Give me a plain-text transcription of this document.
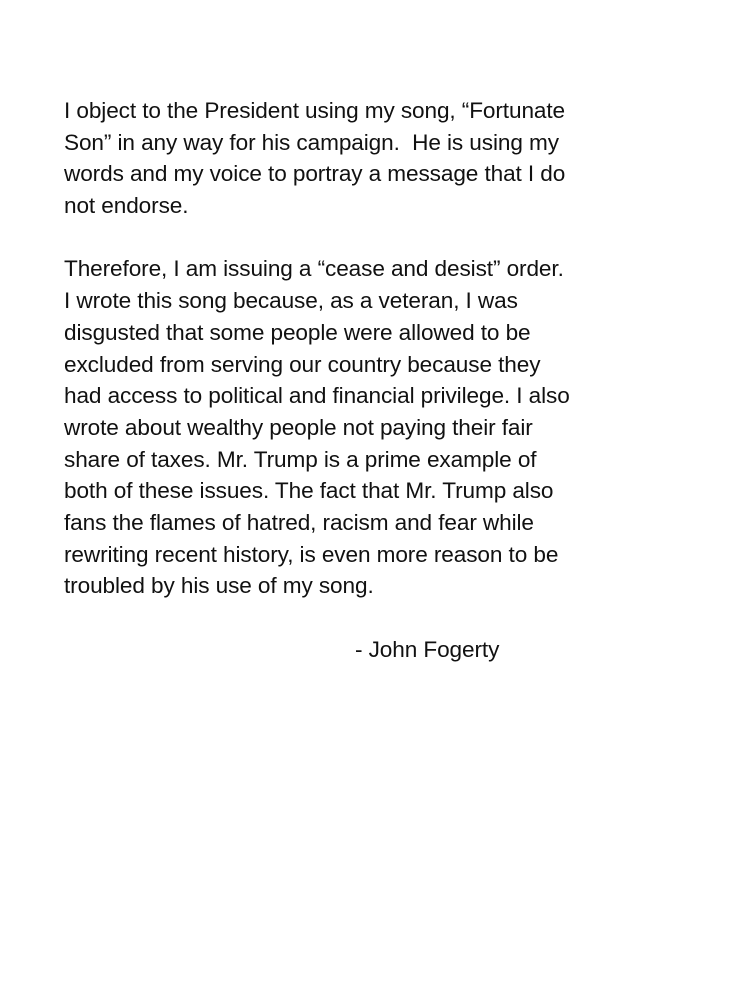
I object to the President using my song, “Fortunate
Son” in any way for his campaign.  He is using my
words and my voice to portray a message that I do
not endorse.
Therefore, I am issuing a “cease and desist” order.
I wrote this song because, as a veteran, I was
disgusted that some people were allowed to be
excluded from serving our country because they
had access to political and financial privilege. I also
wrote about wealthy people not paying their fair
share of taxes. Mr. Trump is a prime example of
both of these issues. The fact that Mr. Trump also
fans the flames of hatred, racism and fear while
rewriting recent history, is even more reason to be
troubled by his use of my song.
- John Fogerty
